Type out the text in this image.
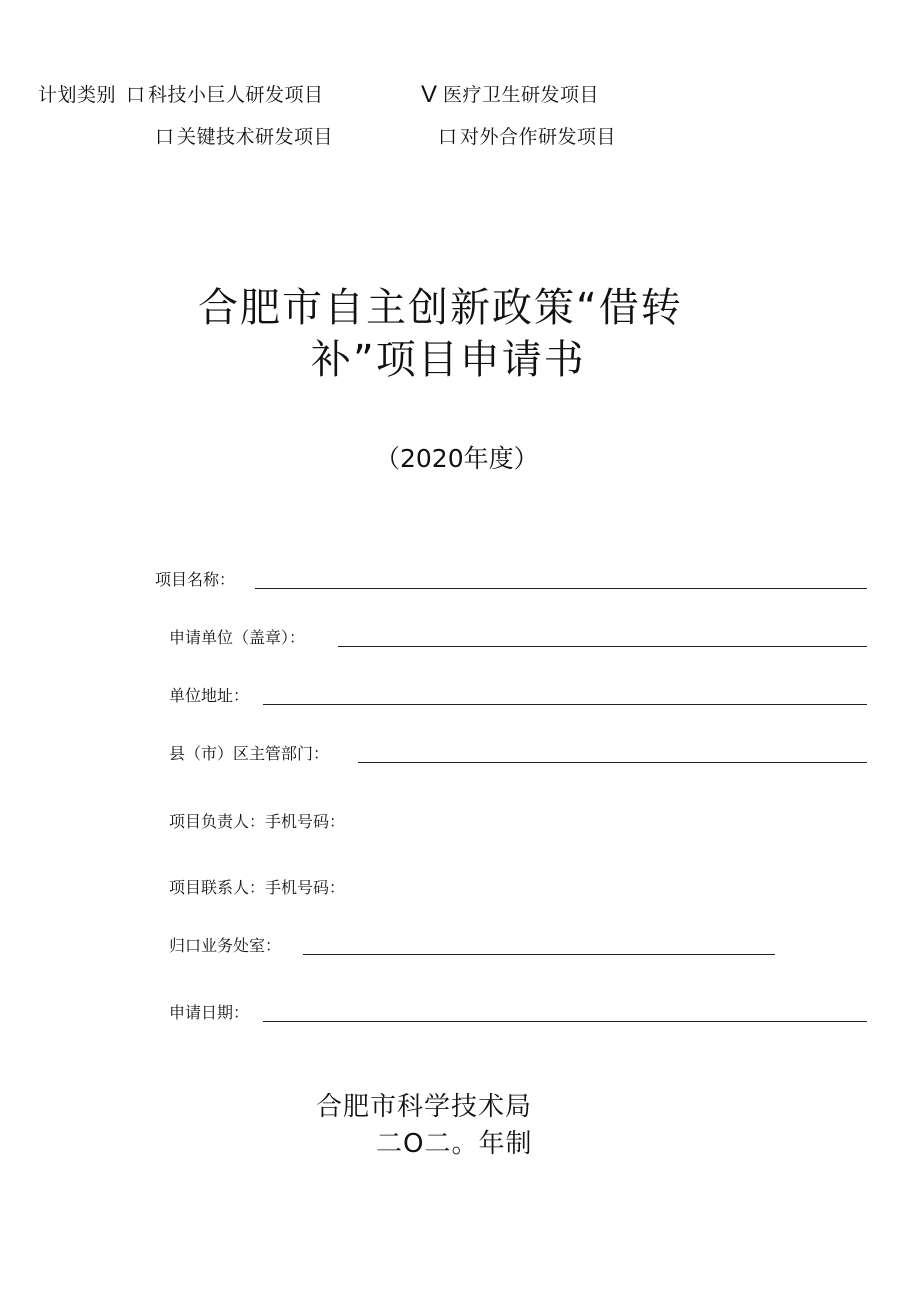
计划类别 口 科技小巨人研发项目	V 医疗卫生研发项目
口 关键技术研发项目	口 对外合作研发项目
合肥市自主创新政策“借转
补”项目申请书
（2020年度）
项目名称：
申请单位（盖章）：
单位地址：
县（市）区主管部门：
项目负责人：手机号码：
项目联系人：手机号码：
归口业务处室：
申请日期：
合肥市科学技术局
二O二。年制
